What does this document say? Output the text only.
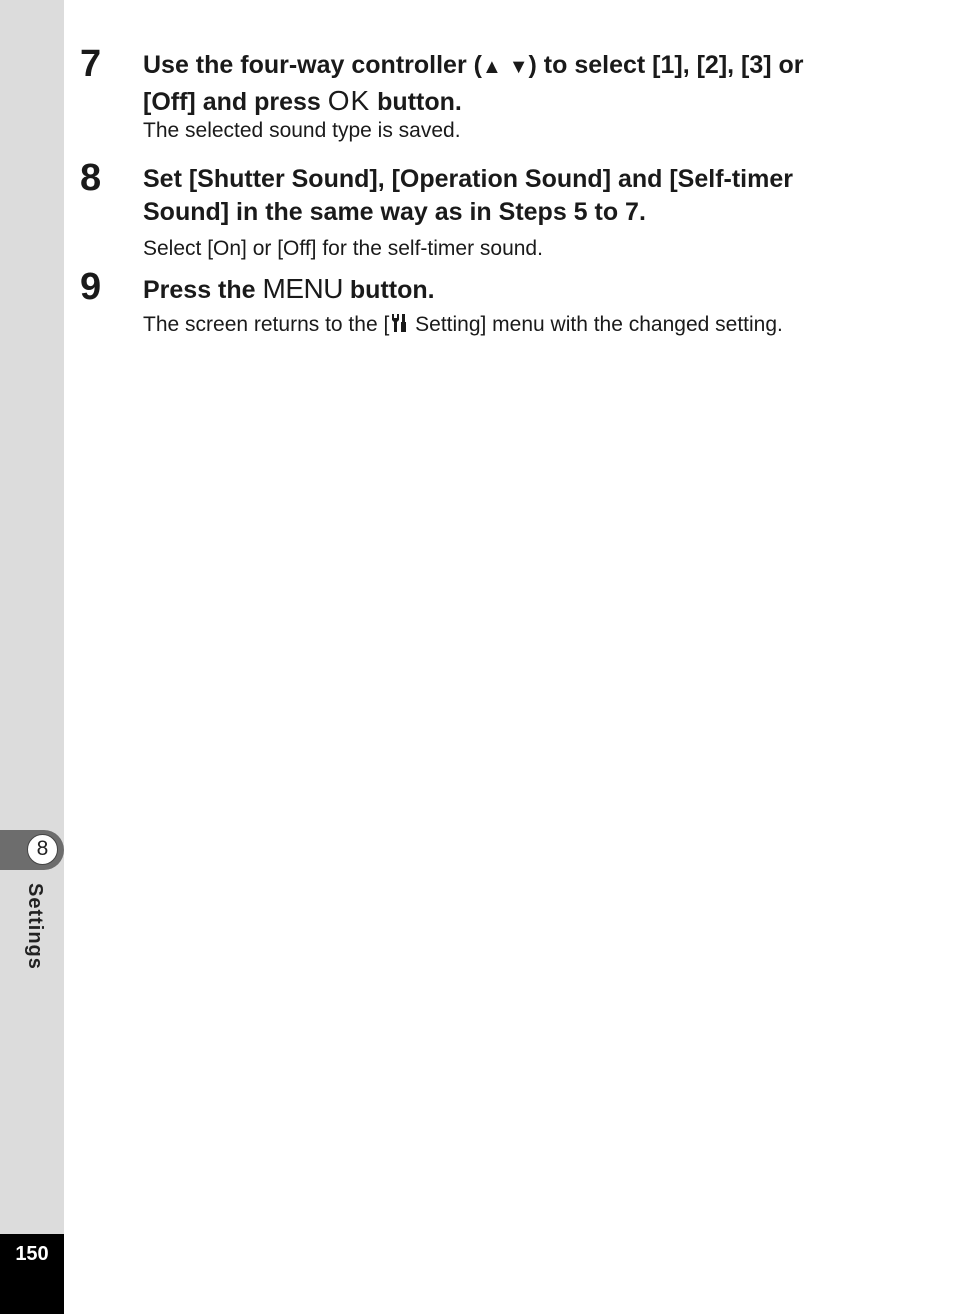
8
Settings
150
7 Use the four-way controller (▲ ▼) to select [1], [2], [3] or
[Off] and press OK button.

The selected sound type is saved.

8 Set [Shutter Sound], [Operation Sound] and [Self-timer
Sound] in the same way as in Steps 5 to 7.

Select [On] or [Off] for the self-timer sound.

9 Press the MENU button.

The screen returns to the [ Setting] menu with the changed setting.
